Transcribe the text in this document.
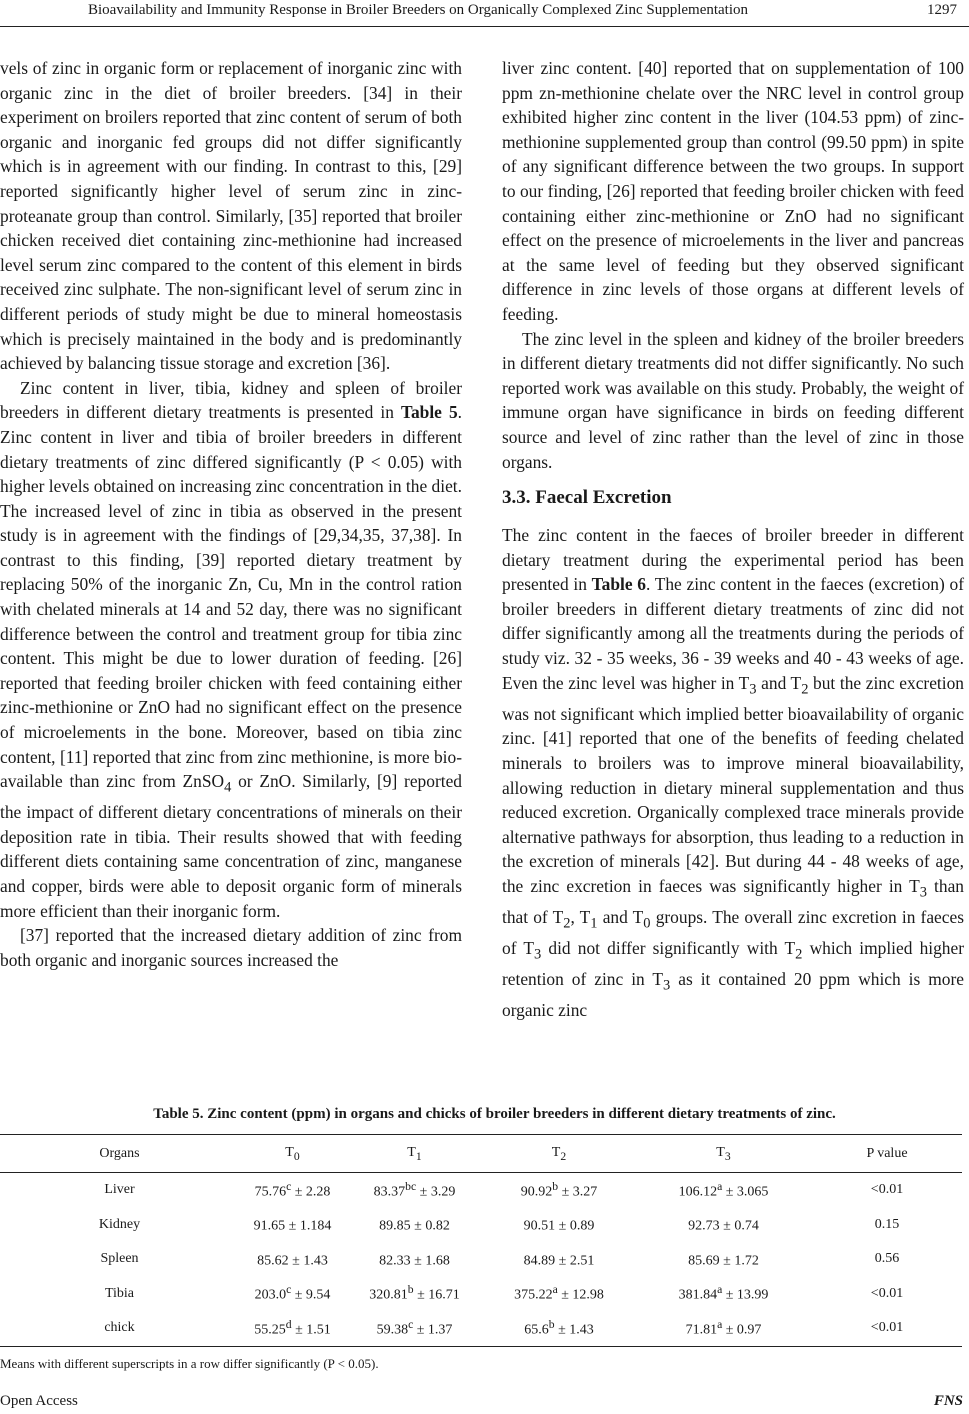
Bioavailability and Immunity Response in Broiler Breeders on Organically Complexed Zinc Supplementation	1297

vels of zinc in organic form or replacement of inorganic zinc with organic zinc in the diet of broiler breeders. [34] in their experiment on broilers reported that zinc content of serum of both organic and inorganic fed groups did not differ significantly which is in agreement with our finding. In contrast to this, [29] reported significantly higher level of serum zinc in zinc-proteanate group than control. Similarly, [35] reported that broiler chicken received diet containing zinc-methionine had increased level serum zinc compared to the content of this element in birds received zinc sulphate. The non-significant level of serum zinc in different periods of study might be due to mineral homeostasis which is precisely maintained in the body and is predominantly achieved by balancing tissue storage and excretion [36].

Zinc content in liver, tibia, kidney and spleen of broiler breeders in different dietary treatments is presented in Table 5. Zinc content in liver and tibia of broiler breeders in different dietary treatments of zinc differed significantly (P < 0.05) with higher levels obtained on increasing zinc concentration in the diet. The increased level of zinc in tibia as observed in the present study is in agreement with the findings of [29,34,35, 37,38]. In contrast to this finding, [39] reported dietary treatment by replacing 50% of the inorganic Zn, Cu, Mn in the control ration with chelated minerals at 14 and 52 day, there was no significant difference between the control and treatment group for tibia zinc content. This might be due to lower duration of feeding. [26] reported that feeding broiler chicken with feed containing either zinc-methionine or ZnO had no significant effect on the presence of microelements in the bone. Moreover, based on tibia zinc content, [11] reported that zinc from zinc methionine, is more bio-available than zinc from ZnSO$_4$ or ZnO. Similarly, [9] reported the impact of different dietary concentrations of minerals on their deposition rate in tibia. Their results showed that with feeding different diets containing same concentration of zinc, manganese and copper, birds were able to deposit organic form of minerals more efficient than their inorganic form.

[37] reported that the increased dietary addition of zinc from both organic and inorganic sources increased the

liver zinc content. [40] reported that on supplementation of 100 ppm zn-methionine chelate over the NRC level in control group exhibited higher zinc content in the liver (104.53 ppm) of zinc-methionine supplemented group than control (99.50 ppm) in spite of any significant difference between the two groups. In support to our finding, [26] reported that feeding broiler chicken with feed containing either zinc-methionine or ZnO had no significant effect on the presence of microelements in the liver and pancreas at the same level of feeding but they observed significant difference in zinc levels of those organs at different levels of feeding.

The zinc level in the spleen and kidney of the broiler breeders in different dietary treatments did not differ significantly. No such reported work was available on this study. Probably, the weight of immune organ have significance in birds on feeding different source and level of zinc rather than the level of zinc in those organs.

3.3. Faecal Excretion

The zinc content in the faeces of broiler breeder in different dietary treatment during the experimental period has been presented in Table 6. The zinc content in the faeces (excretion) of broiler breeders in different dietary treatments of zinc did not differ significantly among all the treatments during the periods of study viz. 32 - 35 weeks, 36 - 39 weeks and 40 - 43 weeks of age. Even the zinc level was higher in $T_3$ and $T_2$ but the zinc excretion was not significant which implied better bioavailability of organic zinc. [41] reported that one of the benefits of feeding chelated minerals to broilers was to improve mineral bioavailability, allowing reduction in dietary mineral supplementation and thus reduced excretion. Organically complexed trace minerals provide alternative pathways for absorption, thus leading to a reduction in the excretion of minerals [42]. But during 44 - 48 weeks of age, the zinc excretion in faeces was significantly higher in $T_3$ than that of $T_2$, $T_1$ and $T_0$ groups. The overall zinc excretion in faeces of $T_3$ did not differ significantly with $T_2$ which implied higher retention of zinc in $T_3$ as it contained 20 ppm which is more organic zinc

Table 5. Zinc content (ppm) in organs and chicks of broiler breeders in different dietary treatments of zinc.
Organs	$T_0$	$T_1$	$T_2$	$T_3$	P value
Liver	75.76$^c$ ± 2.28	83.37$^{bc}$ ± 3.29	90.92$^b$ ± 3.27	106.12$^a$ ± 3.065	<0.01
Kidney	91.65 ± 1.184	89.85 ± 0.82	90.51 ± 0.89	92.73 ± 0.74	0.15
Spleen	85.62 ± 1.43	82.33 ± 1.68	84.89 ± 2.51	85.69 ± 1.72	0.56
Tibia	203.0$^c$ ± 9.54	320.81$^b$ ± 16.71	375.22$^a$ ± 12.98	381.84$^a$ ± 13.99	<0.01
chick	55.25$^d$ ± 1.51	59.38$^c$ ± 1.37	65.6$^b$ ± 1.43	71.81$^a$ ± 0.97	<0.01
Means with different superscripts in a row differ significantly (P < 0.05).
Open Access	FNS
